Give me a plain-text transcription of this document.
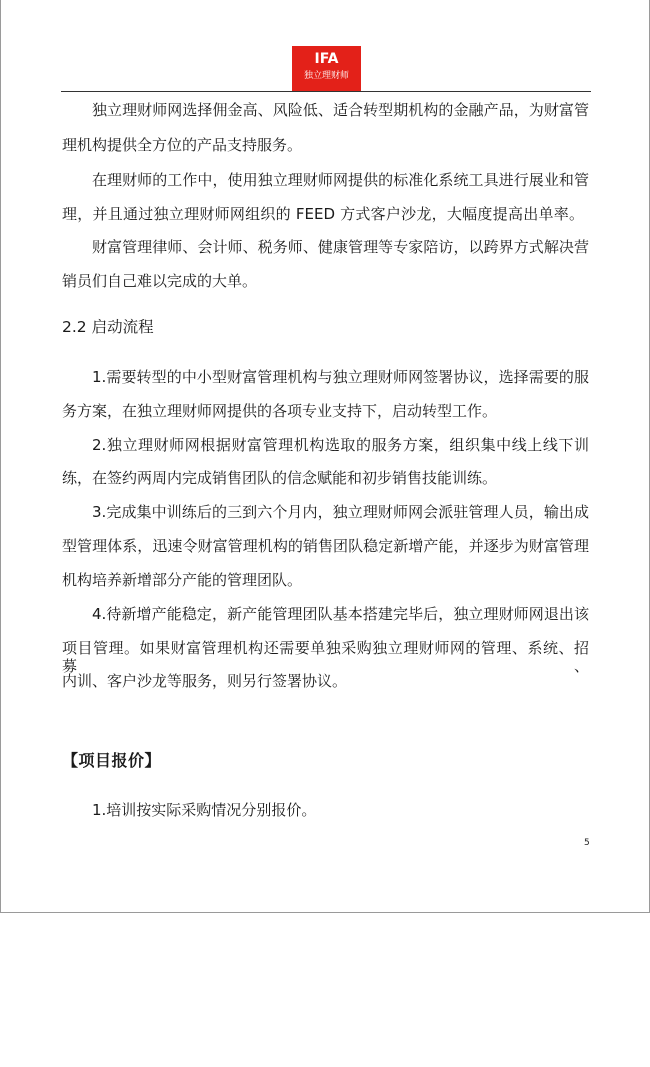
IFA
独立理财师
独立理财师网选择佣金高、风险低、适合转型期机构的金融产品，为财富管
理机构提供全方位的产品支持服务。
在理财师的工作中，使用独立理财师网提供的标准化系统工具进行展业和管
理，并且通过独立理财师网组织的 FEED 方式客户沙龙，大幅度提高出单率。
财富管理律师、会计师、税务师、健康管理等专家陪访，以跨界方式解决营
销员们自己难以完成的大单。
2.2 启动流程
1.需要转型的中小型财富管理机构与独立理财师网签署协议，选择需要的服
务方案，在独立理财师网提供的各项专业支持下，启动转型工作。
2.独立理财师网根据财富管理机构选取的服务方案，组织集中线上线下训
练，在签约两周内完成销售团队的信念赋能和初步销售技能训练。
3.完成集中训练后的三到六个月内，独立理财师网会派驻管理人员，输出成
型管理体系，迅速令财富管理机构的销售团队稳定新增产能，并逐步为财富管理
机构培养新增部分产能的管理团队。
4.待新增产能稳定，新产能管理团队基本搭建完毕后，独立理财师网退出该
项目管理。如果财富管理机构还需要单独采购独立理财师网的管理、系统、招募、
内训、客户沙龙等服务，则另行签署协议。
【项目报价】
1.培训按实际采购情况分别报价。
5
